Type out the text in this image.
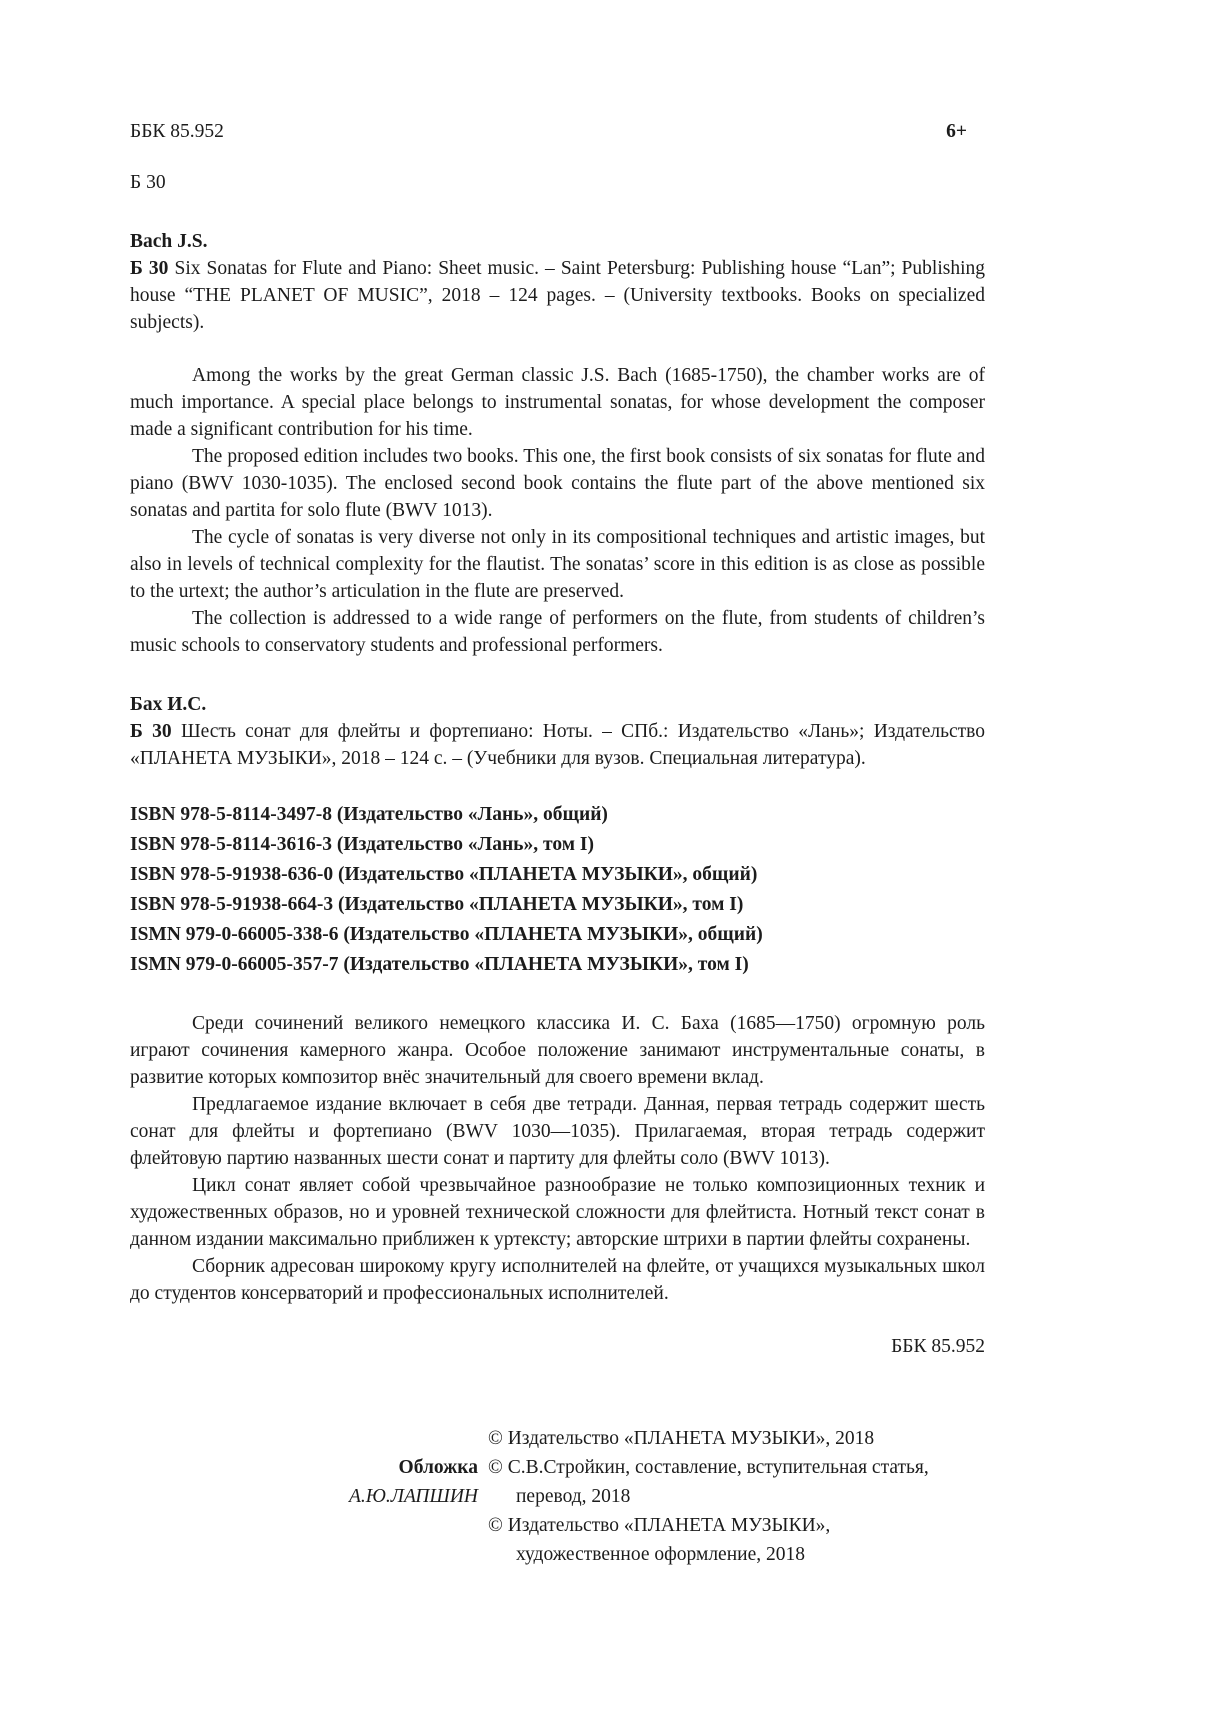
ББК 85.952	6+
Б 30
Bach J.S.

Б 30 Six Sonatas for Flute and Piano: Sheet music. – Saint Petersburg: Publishing house “Lan”; Publishing house “THE PLANET OF MUSIC”, 2018 – 124 pages. – (University textbooks. Books on specialized subjects).

Among the works by the great German classic J.S. Bach (1685-1750), the chamber works are of much importance. A special place belongs to instrumental sonatas, for whose development the composer made a significant contribution for his time.

The proposed edition includes two books. This one, the first book consists of six sonatas for flute and piano (BWV 1030-1035). The enclosed second book contains the flute part of the above mentioned six sonatas and partita for solo flute (BWV 1013).

The cycle of sonatas is very diverse not only in its compositional techniques and artistic images, but also in levels of technical complexity for the flautist. The sonatas’ score in this edition is as close as possible to the urtext; the author’s articulation in the flute are preserved.

The collection is addressed to a wide range of performers on the flute, from students of children’s music schools to conservatory students and professional performers.

Бах И.С.

Б 30 Шесть сонат для флейты и фортепиано: Ноты. – СПб.: Издательство «Лань»; Издательство «ПЛАНЕТА МУЗЫКИ», 2018 – 124 с. – (Учебники для вузов. Специальная литература).

ISBN 978-5-8114-3497-8 (Издательство «Лань», общий)
ISBN 978-5-8114-3616-3 (Издательство «Лань», том I)
ISBN 978-5-91938-636-0 (Издательство «ПЛАНЕТА МУЗЫКИ», общий)
ISBN 978-5-91938-664-3 (Издательство «ПЛАНЕТА МУЗЫКИ», том I)
ISMN 979-0-66005-338-6 (Издательство «ПЛАНЕТА МУЗЫКИ», общий)
ISMN 979-0-66005-357-7 (Издательство «ПЛАНЕТА МУЗЫКИ», том I)

Среди сочинений великого немецкого классика И. С. Баха (1685—1750) огромную роль играют сочинения камерного жанра. Особое положение занимают инструментальные сонаты, в развитие которых композитор внёс значительный для своего времени вклад.

Предлагаемое издание включает в себя две тетради. Данная, первая тетрадь содержит шесть сонат для флейты и фортепиано (BWV 1030—1035). Прилагаемая, вторая тетрадь содержит флейтовую партию названных шести сонат и партиту для флейты соло (BWV 1013).

Цикл сонат являет собой чрезвычайное разнообразие не только композиционных техник и художественных образов, но и уровней технической сложности для флейтиста. Нотный текст сонат в данном издании максимально приближен к уртексту; авторские штрихи в партии флейты сохранены.

Сборник адресован широкому кругу исполнителей на флейте, от учащихся музыкальных школ до студентов консерваторий и профессиональных исполнителей.

ББК 85.952
Обложка
А.Ю.ЛАПШИН
© Издательство «ПЛАНЕТА МУЗЫКИ», 2018
© С.В.Стройкин, составление, вступительная статья,
перевод, 2018
© Издательство «ПЛАНЕТА МУЗЫКИ»,
художественное оформление, 2018
